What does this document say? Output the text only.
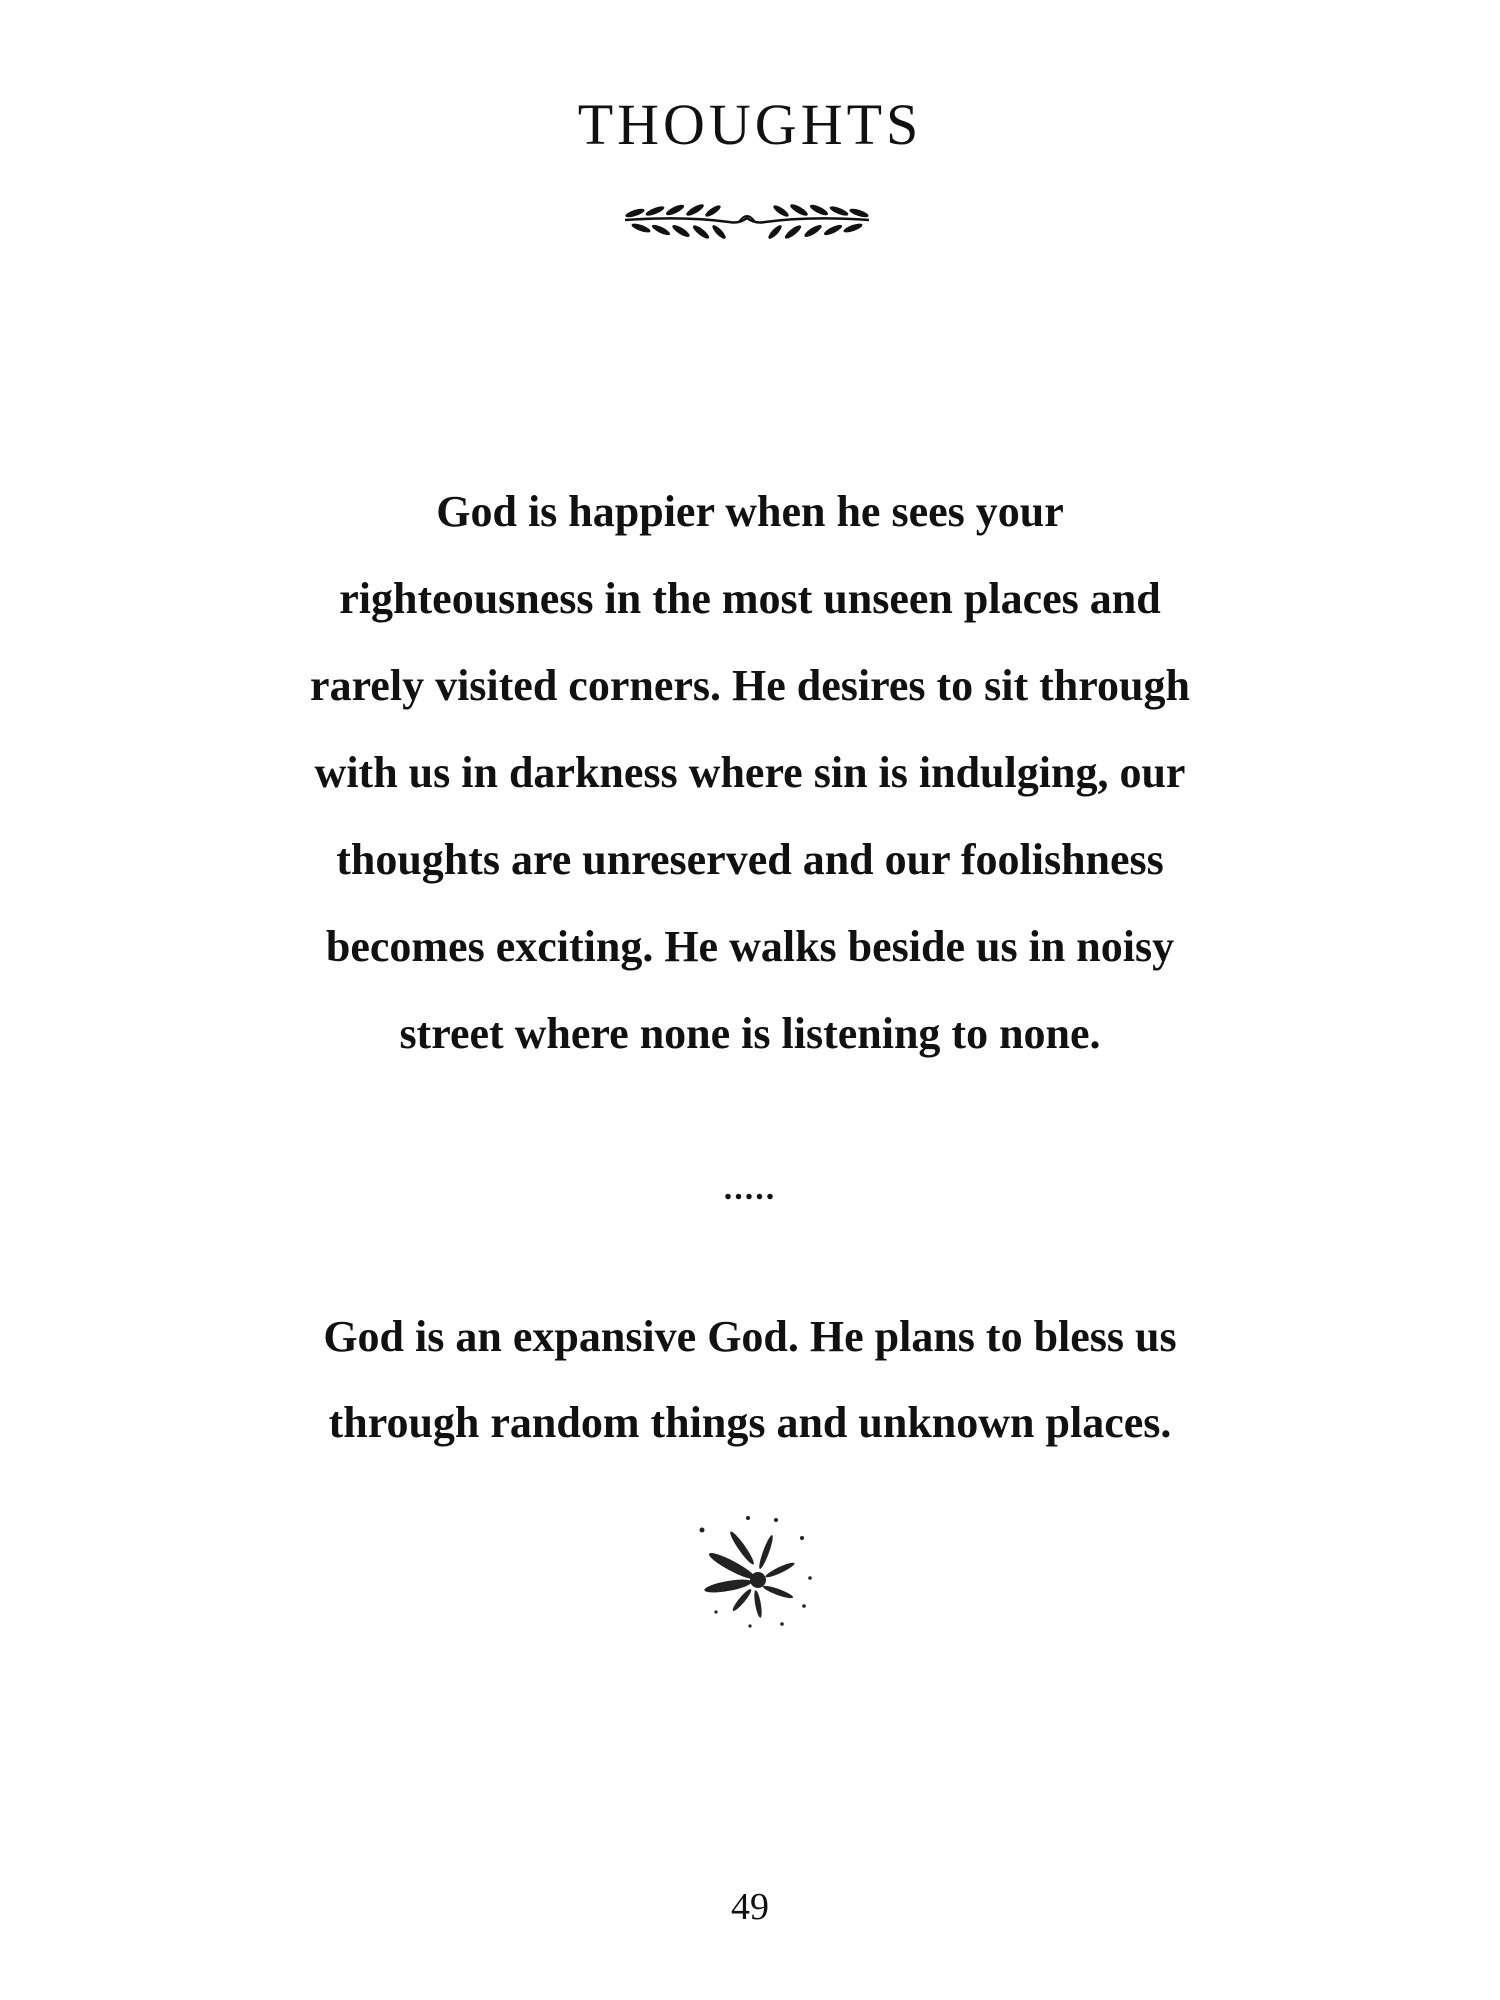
THOUGHTS
God is happier when he sees your
righteousness in the most unseen places and
rarely visited corners. He desires to sit through
with us in darkness where sin is indulging, our
thoughts are unreserved and our foolishness
becomes exciting. He walks beside us in noisy
street where none is listening to none.
.....
God is an expansive God. He plans to bless us
through random things and unknown places.
49
